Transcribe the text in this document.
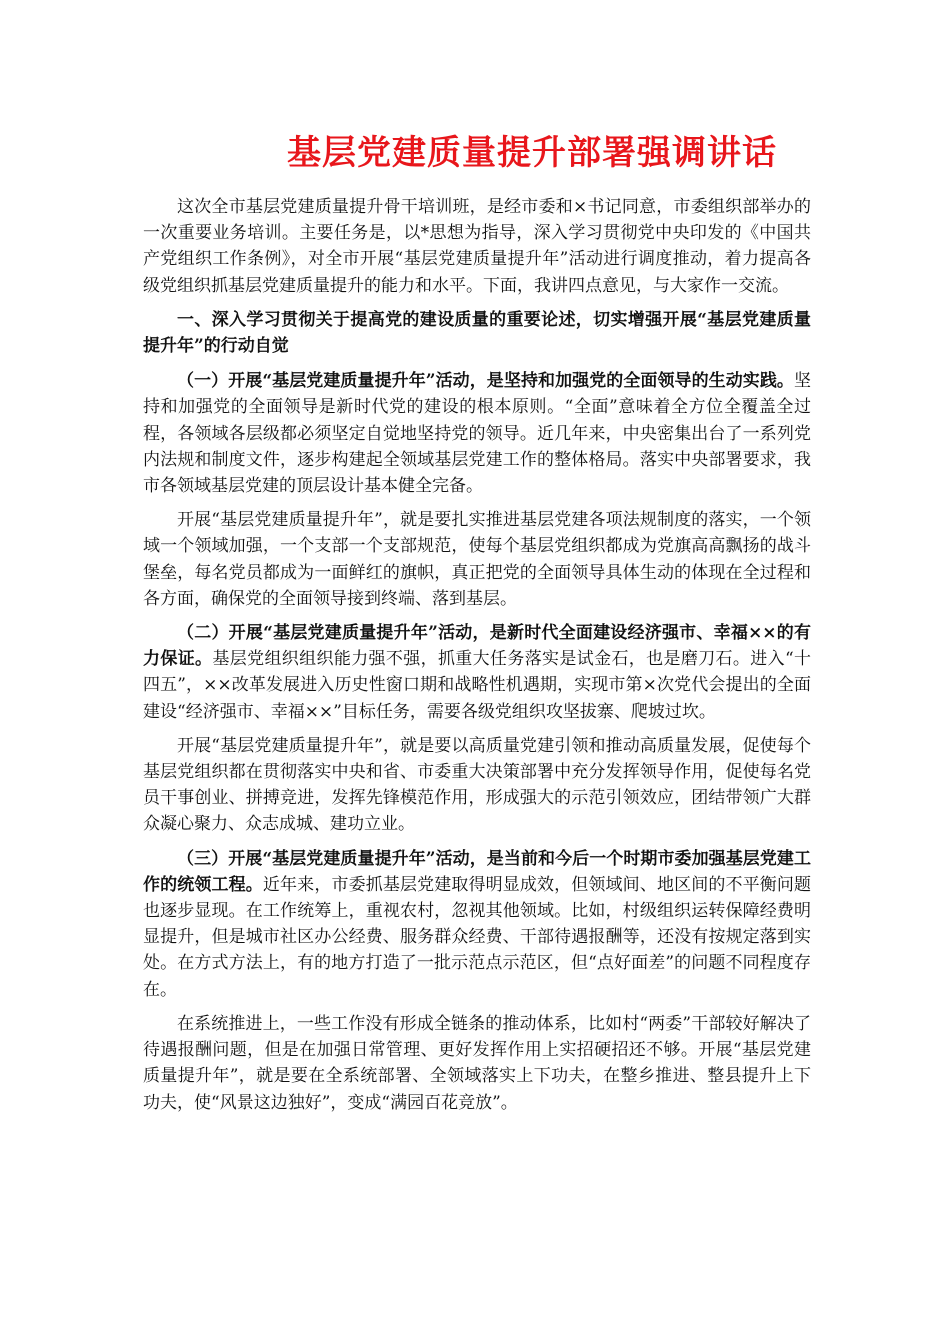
基层党建质量提升部署强调讲话

这次全市基层党建质量提升骨干培训班，是经市委和×书记同意，市委组织部举办的一次重要业务培训。主要任务是，以*思想为指导，深入学习贯彻党中央印发的《中国共产党组织工作条例》，对全市开展“基层党建质量提升年”活动进行调度推动，着力提高各级党组织抓基层党建质量提升的能力和水平。下面，我讲四点意见，与大家作一交流。

一、深入学习贯彻关于提高党的建设质量的重要论述，切实增强开展“基层党建质量提升年”的行动自觉

（一）开展“基层党建质量提升年”活动，是坚持和加强党的全面领导的生动实践。坚持和加强党的全面领导是新时代党的建设的根本原则。“全面”意味着全方位全覆盖全过程，各领域各层级都必须坚定自觉地坚持党的领导。近几年来，中央密集出台了一系列党内法规和制度文件，逐步构建起全领域基层党建工作的整体格局。落实中央部署要求，我市各领域基层党建的顶层设计基本健全完备。

开展“基层党建质量提升年”，就是要扎实推进基层党建各项法规制度的落实，一个领域一个领域加强，一个支部一个支部规范，使每个基层党组织都成为党旗高高飘扬的战斗堡垒，每名党员都成为一面鲜红的旗帜，真正把党的全面领导具体生动的体现在全过程和各方面，确保党的全面领导接到终端、落到基层。

（二）开展“基层党建质量提升年”活动，是新时代全面建设经济强市、幸福××的有力保证。基层党组织组织能力强不强，抓重大任务落实是试金石，也是磨刀石。进入“十四五”，××改革发展进入历史性窗口期和战略性机遇期，实现市第×次党代会提出的全面建设“经济强市、幸福××”目标任务，需要各级党组织攻坚拔寨、爬坡过坎。

开展“基层党建质量提升年”，就是要以高质量党建引领和推动高质量发展，促使每个基层党组织都在贯彻落实中央和省、市委重大决策部署中充分发挥领导作用，促使每名党员干事创业、拼搏竞进，发挥先锋模范作用，形成强大的示范引领效应，团结带领广大群众凝心聚力、众志成城、建功立业。

（三）开展“基层党建质量提升年”活动，是当前和今后一个时期市委加强基层党建工作的统领工程。近年来，市委抓基层党建取得明显成效，但领域间、地区间的不平衡问题也逐步显现。在工作统筹上，重视农村，忽视其他领域。比如，村级组织运转保障经费明显提升，但是城市社区办公经费、服务群众经费、干部待遇报酬等，还没有按规定落到实处。在方式方法上，有的地方打造了一批示范点示范区，但“点好面差”的问题不同程度存在。

在系统推进上，一些工作没有形成全链条的推动体系，比如村“两委”干部较好解决了待遇报酬问题，但是在加强日常管理、更好发挥作用上实招硬招还不够。开展“基层党建质量提升年”，就是要在全系统部署、全领域落实上下功夫，在整乡推进、整县提升上下功夫，使“风景这边独好”，变成“满园百花竞放”。
